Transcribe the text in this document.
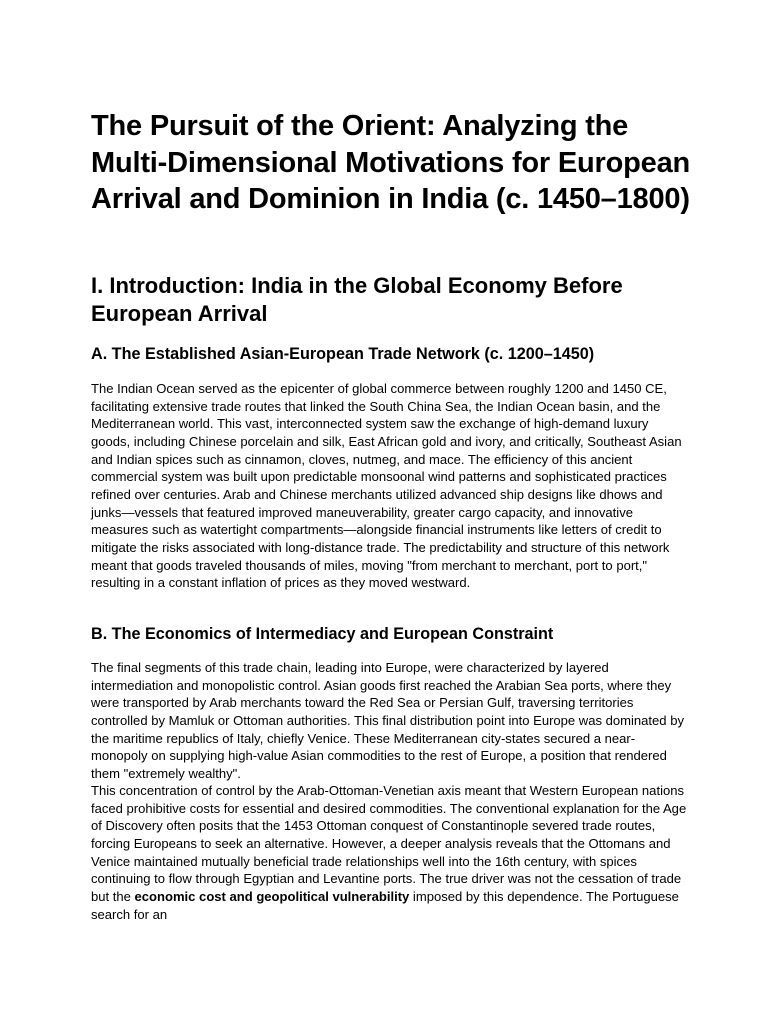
The Pursuit of the Orient: Analyzing the Multi-Dimensional Motivations for European Arrival and Dominion in India (c. 1450–1800)
I. Introduction: India in the Global Economy Before European Arrival
A. The Established Asian-European Trade Network (c. 1200–1450)

The Indian Ocean served as the epicenter of global commerce between roughly 1200 and 1450 CE, facilitating extensive trade routes that linked the South China Sea, the Indian Ocean basin, and the Mediterranean world. This vast, interconnected system saw the exchange of high-demand luxury goods, including Chinese porcelain and silk, East African gold and ivory, and critically, Southeast Asian and Indian spices such as cinnamon, cloves, nutmeg, and mace. The efficiency of this ancient commercial system was built upon predictable monsoonal wind patterns and sophisticated practices refined over centuries. Arab and Chinese merchants utilized advanced ship designs like dhows and junks—vessels that featured improved maneuverability, greater cargo capacity, and innovative measures such as watertight compartments—alongside financial instruments like letters of credit to mitigate the risks associated with long-distance trade. The predictability and structure of this network meant that goods traveled thousands of miles, moving "from merchant to merchant, port to port," resulting in a constant inflation of prices as they moved westward.

B. The Economics of Intermediacy and European Constraint

The final segments of this trade chain, leading into Europe, were characterized by layered intermediation and monopolistic control. Asian goods first reached the Arabian Sea ports, where they were transported by Arab merchants toward the Red Sea or Persian Gulf, traversing territories controlled by Mamluk or Ottoman authorities. This final distribution point into Europe was dominated by the maritime republics of Italy, chiefly Venice. These Mediterranean city-states secured a near-monopoly on supplying high-value Asian commodities to the rest of Europe, a position that rendered them "extremely wealthy".

This concentration of control by the Arab-Ottoman-Venetian axis meant that Western European nations faced prohibitive costs for essential and desired commodities. The conventional explanation for the Age of Discovery often posits that the 1453 Ottoman conquest of Constantinople severed trade routes, forcing Europeans to seek an alternative. However, a deeper analysis reveals that the Ottomans and Venice maintained mutually beneficial trade relationships well into the 16th century, with spices continuing to flow through Egyptian and Levantine ports. The true driver was not the cessation of trade but the economic cost and geopolitical vulnerability imposed by this dependence. The Portuguese search for an
